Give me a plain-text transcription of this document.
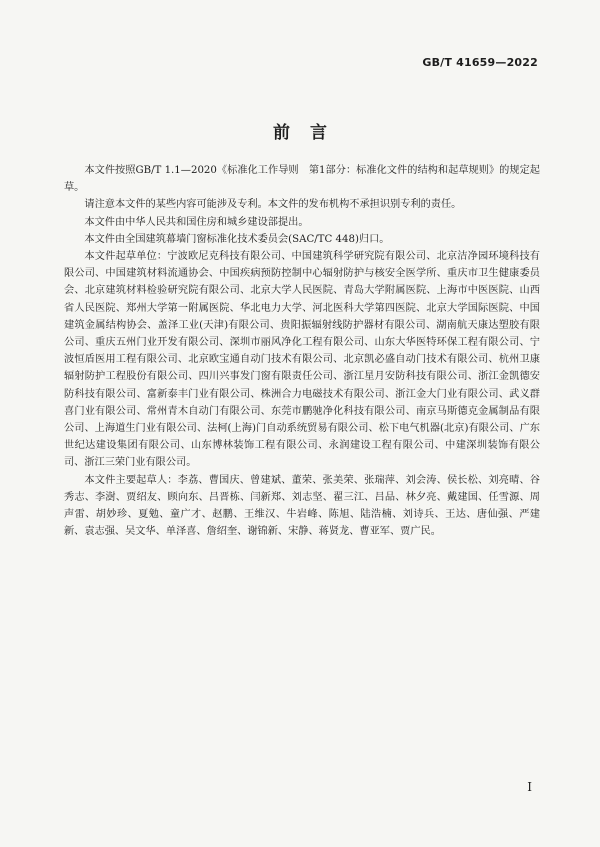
GB/T 41659—2022
前言

本文件按照GB/T 1.1—2020《标准化工作导则　第1部分：标准化文件的结构和起草规则》的规定起草。

请注意本文件的某些内容可能涉及专利。本文件的发布机构不承担识别专利的责任。

本文件由中华人民共和国住房和城乡建设部提出。

本文件由全国建筑幕墙门窗标准化技术委员会(SAC/TC 448)归口。

本文件起草单位：宁波欧尼克科技有限公司、中国建筑科学研究院有限公司、北京洁净园环境科技有限公司、中国建筑材料流通协会、中国疾病预防控制中心辐射防护与核安全医学所、重庆市卫生健康委员会、北京建筑材料检验研究院有限公司、北京大学人民医院、青岛大学附属医院、上海市中医医院、山西省人民医院、郑州大学第一附属医院、华北电力大学、河北医科大学第四医院、北京大学国际医院、中国建筑金属结构协会、盖泽工业(天津)有限公司、贵阳振辐射线防护器材有限公司、湖南航天康达塑胶有限公司、重庆五州门业开发有限公司、深圳市丽风净化工程有限公司、山东大华医特环保工程有限公司、宁波恒盾医用工程有限公司、北京欧宝通自动门技术有限公司、北京凯必盛自动门技术有限公司、杭州卫康辐射防护工程股份有限公司、四川兴事发门窗有限责任公司、浙江星月安防科技有限公司、浙江金凯德安防科技有限公司、富新泰丰门业有限公司、株洲合力电磁技术有限公司、浙江金大门业有限公司、武义群喜门业有限公司、常州青木自动门有限公司、东莞市鹏驰净化科技有限公司、南京马斯德克金属制品有限公司、上海道生门业有限公司、法柯(上海)门自动系统贸易有限公司、松下电气机器(北京)有限公司、广东世纪达建设集团有限公司、山东博林装饰工程有限公司、永润建设工程有限公司、中建深圳装饰有限公司、浙江三荣门业有限公司。

本文件主要起草人：李荔、曹国庆、曾建斌、董荣、张美荣、张瑞萍、刘会涛、侯长松、刘亮晴、谷秀志、李澍、贾绍友、顾向东、吕晋栋、闫新郑、刘志坚、翟三江、吕品、林夕亮、戴建国、任雪源、周声雷、胡妙珍、夏勉、童广才、赵鹏、王维汉、牛岩峰、陈旭、陆浩楠、刘诗兵、王达、唐仙强、严建新、袁志强、吴文华、单泽喜、詹绍奎、谢锦新、宋静、蒋贤龙、曹亚军、贾广民。

I
